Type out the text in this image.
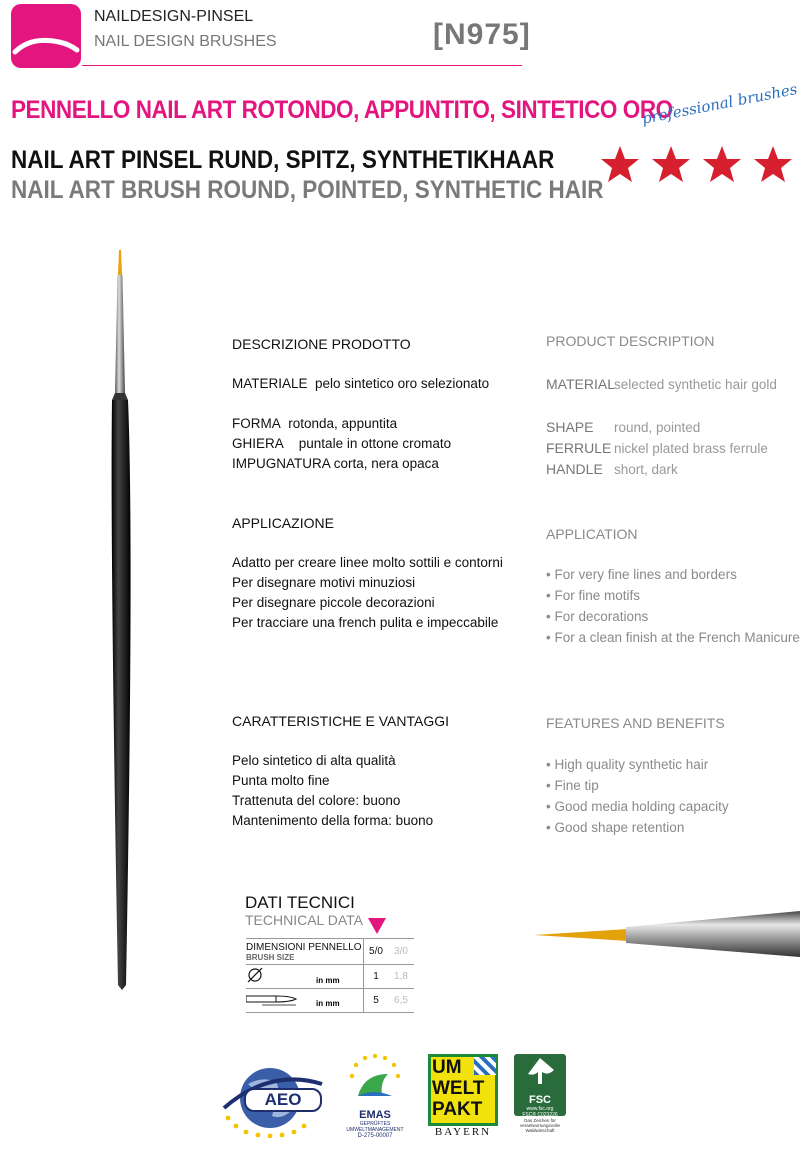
NAILDESIGN-PINSEL
NAIL DESIGN BRUSHES	[N975]
PENNELLO NAIL ART ROTONDO, APPUNTITO, SINTETICO ORO
NAIL ART PINSEL RUND, SPITZ, SYNTHETIKHAAR
NAIL ART BRUSH ROUND, POINTED, SYNTHETIC HAIR
professional brushes
DESCRIZIONE PRODOTTO
MATERIALE pelo sintetico oro selezionato
FORMA rotonda, appuntita
GHIERA puntale in ottone cromato
IMPUGNATURA corta, nera opaca
APPLICAZIONE
Adatto per creare linee molto sottili e contorni
Per disegnare motivi minuziosi
Per disegnare piccole decorazioni
Per tracciare una french pulita e impeccabile
CARATTERISTICHE E VANTAGGI
Pelo sintetico di alta qualità
Punta molto fine
Trattenuta del colore: buono
Mantenimento della forma: buono
PRODUCT DESCRIPTION
MATERIALselected synthetic hair gold
SHAPE round, pointed
FERRULE nickel plated brass ferrule
HANDLE short, dark
APPLICATION
• For very fine lines and borders
• For fine motifs
• For decorations
• For a clean finish at the French Manicure
FEATURES AND BENEFITS
• High quality synthetic hair
• Fine tip
• Good media holding capacity
• Good shape retention
DATI TECNICI
TECHNICAL DATA
DIMENSIONI PENNELLO
BRUSH SIZE	5/0	3/0
in mm	1	1,8
in mm	5	6,5
AEO
EMAS
GEPRÜFTES
UMWELTMANAGEMENT
D-275-00007
UM
WELT
PAKT
BAYERN
FSC
www.fsc.org
FSC® C023226
Das Zeichen für
verantwortungsvolle
Waldwirtschaft
